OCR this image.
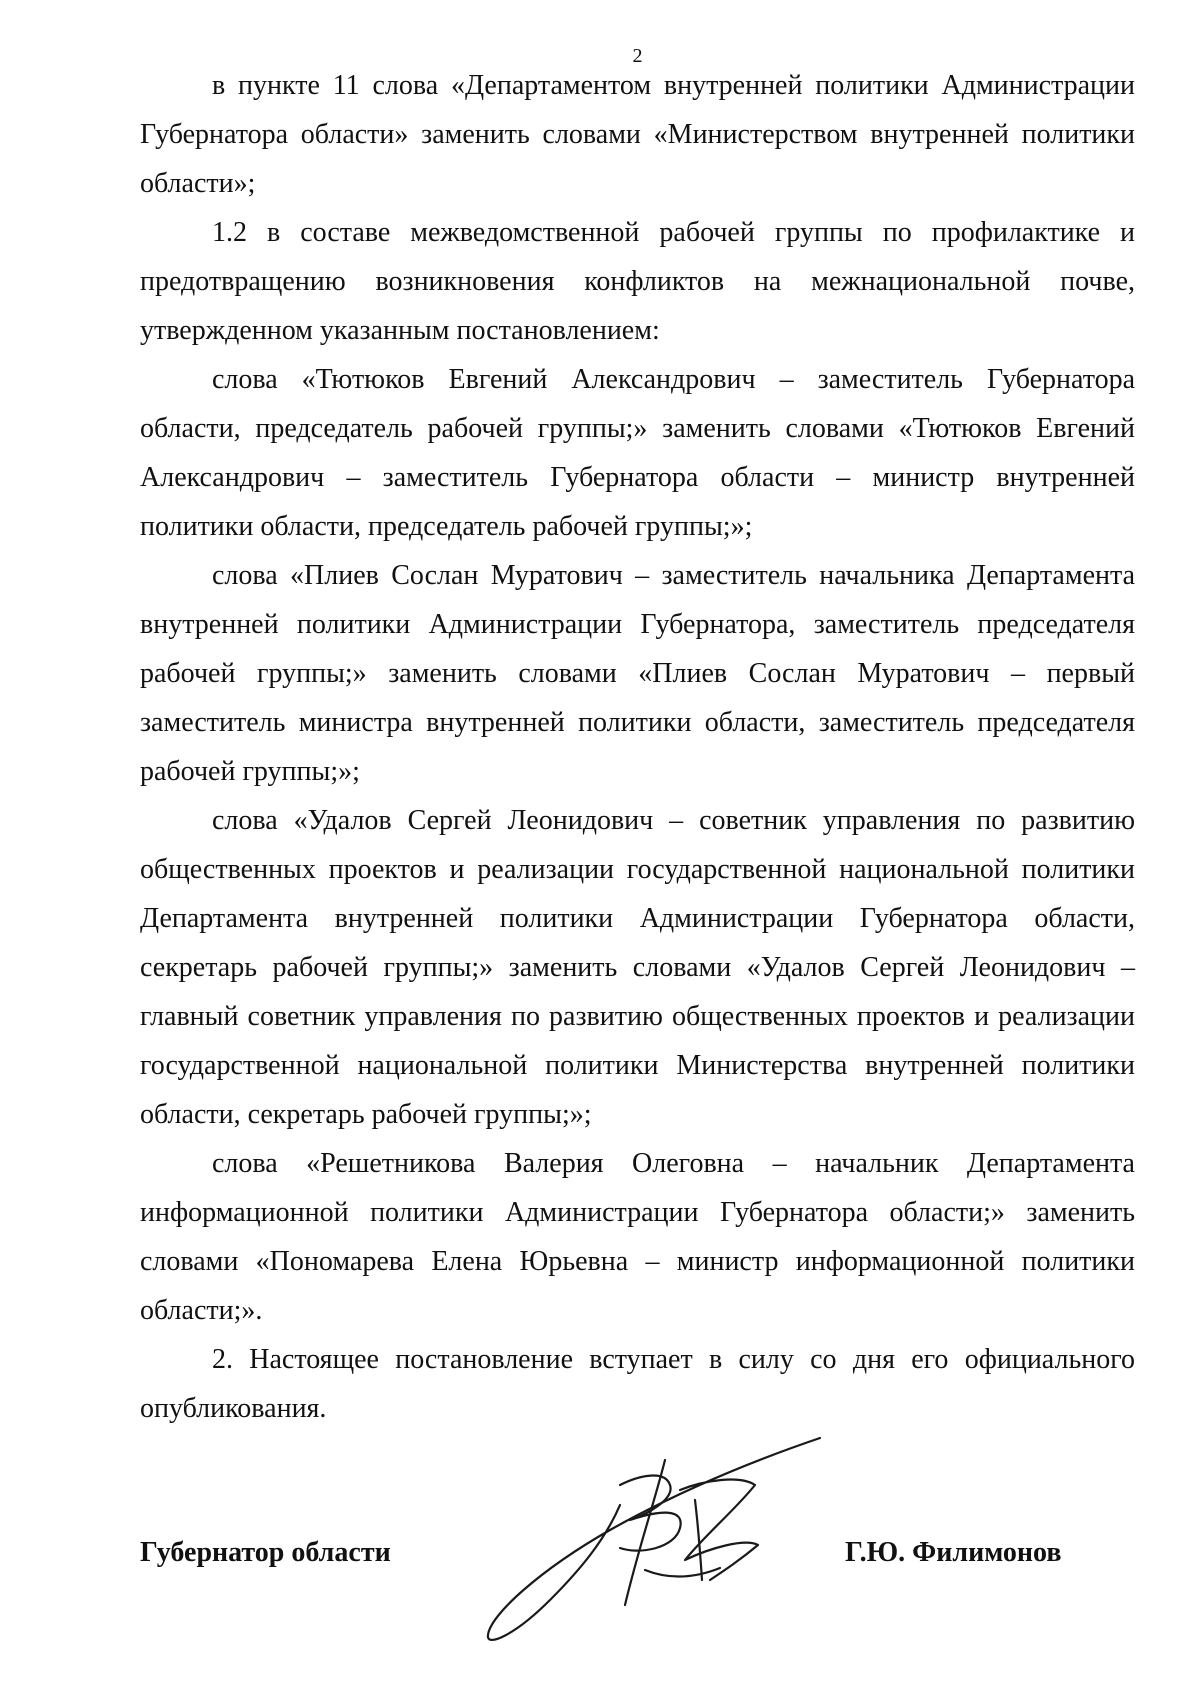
2

в пункте 11 слова «Департаментом внутренней политики Администрации Губернатора области» заменить словами «Министерством внутренней политики области»;

1.2 в составе межведомственной рабочей группы по профилактике и предотвращению возникновения конфликтов на межнациональной почве, утвержденном указанным постановлением:

слова «Тютюков Евгений Александрович – заместитель Губернатора области, председатель рабочей группы;» заменить словами «Тютюков Евгений Александрович – заместитель Губернатора области – министр внутренней политики области, председатель рабочей группы;»;

слова «Плиев Сослан Муратович – заместитель начальника Департамента внутренней политики Администрации Губернатора, заместитель председателя рабочей группы;» заменить словами «Плиев Сослан Муратович – первый заместитель министра внутренней политики области, заместитель председателя рабочей группы;»;

слова «Удалов Сергей Леонидович – советник управления по развитию общественных проектов и реализации государственной национальной политики Департамента внутренней политики Администрации Губернатора области, секретарь рабочей группы;» заменить словами «Удалов Сергей Леонидович – главный советник управления по развитию общественных проектов и реализации государственной национальной политики Министерства внутренней политики области, секретарь рабочей группы;»;

слова «Решетникова Валерия Олеговна – начальник Департамента информационной политики Администрации Губернатора области;» заменить словами «Пономарева Елена Юрьевна – министр информационной политики области;».

2. Настоящее постановление вступает в силу со дня его официального опубликования.

Губернатор области	Г.Ю. Филимонов
